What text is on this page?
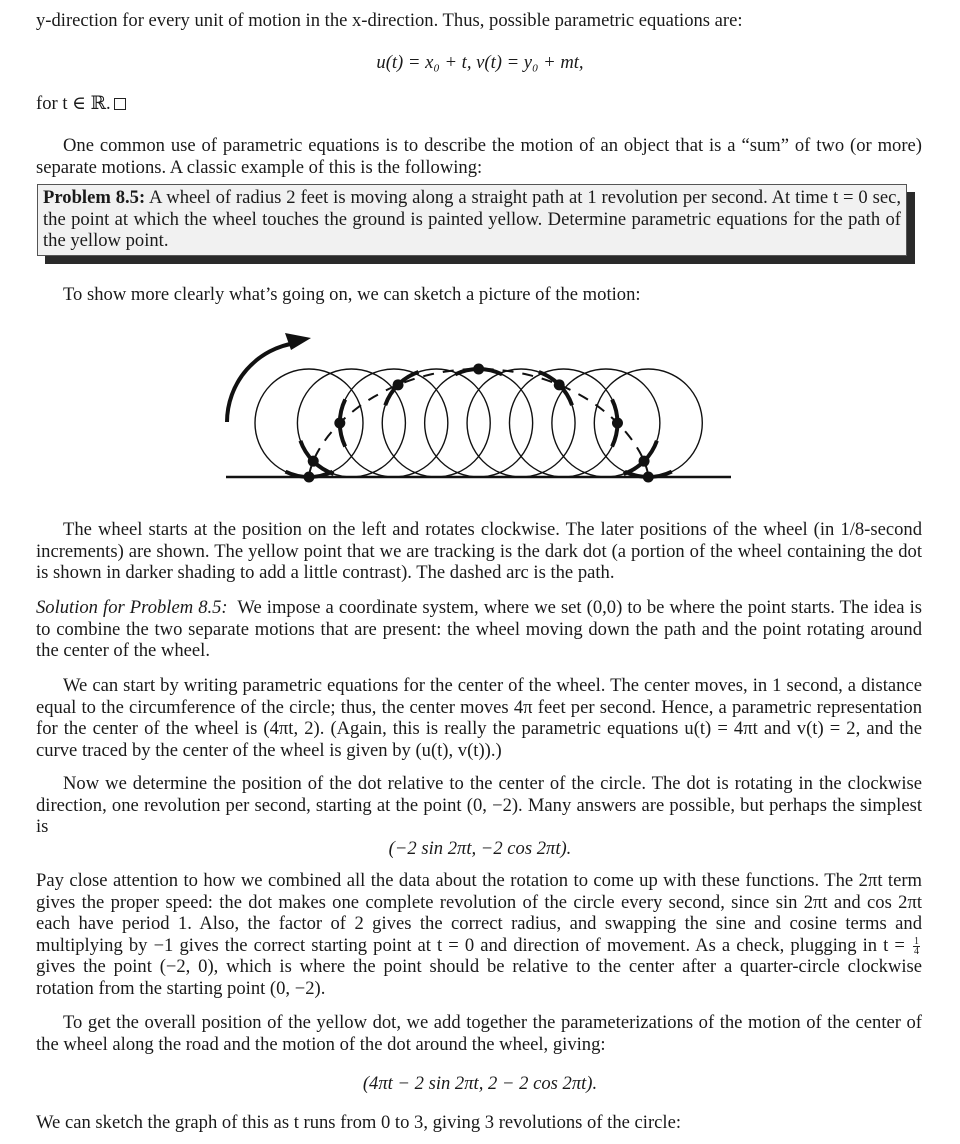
y-direction for every unit of motion in the x-direction. Thus, possible parametric equations are:

u(t) = x₀ + t, v(t) = y₀ + mt,

for t ∈ ℝ.

One common use of parametric equations is to describe the motion of an object that is a “sum” of two (or more) separate motions. A classic example of this is the following:

Problem 8.5: A wheel of radius 2 feet is moving along a straight path at 1 revolution per second. At time t = 0 sec, the point at which the wheel touches the ground is painted yellow. Determine parametric equations for the path of the yellow point.

To show more clearly what’s going on, we can sketch a picture of the motion:

The wheel starts at the position on the left and rotates clockwise. The later positions of the wheel (in 1/8-second increments) are shown. The yellow point that we are tracking is the dark dot (a portion of the wheel containing the dot is shown in darker shading to add a little contrast). The dashed arc is the path.

Solution for Problem 8.5: We impose a coordinate system, where we set (0,0) to be where the point starts. The idea is to combine the two separate motions that are present: the wheel moving down the path and the point rotating around the center of the wheel.

We can start by writing parametric equations for the center of the wheel. The center moves, in 1 second, a distance equal to the circumference of the circle; thus, the center moves 4π feet per second. Hence, a parametric representation for the center of the wheel is (4πt, 2). (Again, this is really the parametric equations u(t) = 4πt and v(t) = 2, and the curve traced by the center of the wheel is given by (u(t), v(t)).)

Now we determine the position of the dot relative to the center of the circle. The dot is rotating in the clockwise direction, one revolution per second, starting at the point (0, −2). Many answers are possible, but perhaps the simplest is

(−2 sin 2πt, −2 cos 2πt).

Pay close attention to how we combined all the data about the rotation to come up with these functions. The 2πt term gives the proper speed: the dot makes one complete revolution of the circle every second, since sin 2πt and cos 2πt each have period 1. Also, the factor of 2 gives the correct radius, and swapping the sine and cosine terms and multiplying by −1 gives the correct starting point at t = 0 and direction of movement. As a check, plugging in $t = \frac{1}{4}$
gives the point (−2, 0), which is where the point should be relative to the center after a quarter-circle clockwise rotation from the starting point (0, −2).

To get the overall position of the yellow dot, we add together the parameterizations of the motion of the center of the wheel along the road and the motion of the dot around the wheel, giving:

(4πt − 2 sin 2πt, 2 − 2 cos 2πt).

We can sketch the graph of this as t runs from 0 to 3, giving 3 revolutions of the circle:
